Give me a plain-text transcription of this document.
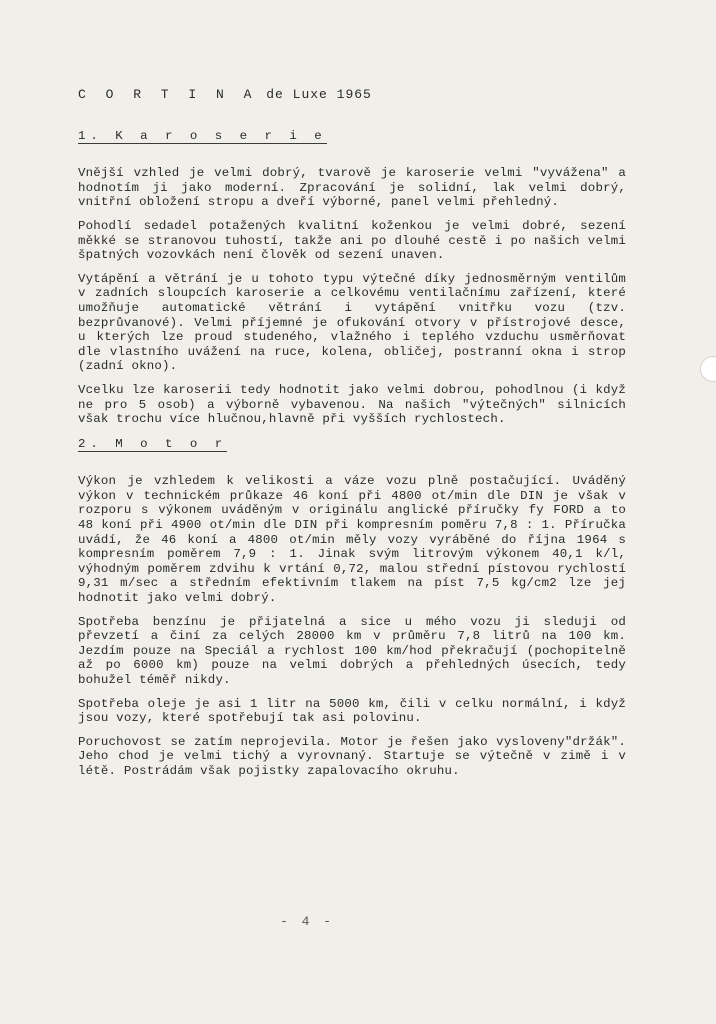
C O R T I N A de Luxe 1965
1. K a r o s e r i e

Vnější vzhled je velmi dobrý, tvarově je karoserie velmi "vyvážena" a hodnotím ji jako moderní. Zpracování je solidní, lak velmi dobrý, vnitřní obložení stropu a dveří výborné, panel velmi přehledný.

Pohodlí sedadel potažených kvalitní koženkou je velmi dobré, sezení měkké se stranovou tuhostí, takže ani po dlouhé cestě i po našich velmi špatných vozovkách není člověk od sezení unaven.

Vytápění a větrání je u tohoto typu výtečné díky jednosměrným ventilům v zadních sloupcích karoserie a celkovému ventilačnímu zařízení, které umožňuje automatické větrání i vytápění vnitřku vozu (tzv. bezprůvanové). Velmi příjemné je ofukování otvory v přístrojové desce, u kterých lze proud studeného, vlažného i teplého vzduchu usměrňovat dle vlastního uvážení na ruce, kolena, obličej, postranní okna i strop (zadní okno).

Vcelku lze karoserii tedy hodnotit jako velmi dobrou, pohodlnou (i když ne pro 5 osob) a výborně vybavenou. Na našich "výtečných" silnicích však trochu více hlučnou,hlavně při vyšších rychlostech.

2. M o t o r

Výkon je vzhledem k velikosti a váze vozu plně postačující. Uváděný výkon v technickém průkaze 46 koní při 4800 ot/min dle DIN je však v rozporu s výkonem uváděným v originálu anglické příručky fy FORD a to 48 koní při 4900 ot/min dle DIN při kompresním poměru 7,8 : 1. Příručka uvádí, že 46 koní a 4800 ot/min měly vozy vyráběné do října 1964 s kompresním poměrem 7,9 : 1. Jinak svým litrovým výkonem 40,1 k/l, výhodným poměrem zdvihu k vrtání 0,72, malou střední pístovou rychlostí 9,31 m/sec a středním efektivním tlakem na píst 7,5 kg/cm2 lze jej hodnotit jako velmi dobrý.

Spotřeba benzínu je přijatelná a sice u mého vozu ji sleduji od převzetí a činí za celých 28000 km v průměru 7,8 litrů na 100 km. Jezdím pouze na Speciál a rychlost 100 km/hod překračují (pochopitelně až po 6000 km) pouze na velmi dobrých a přehledných úsecích, tedy bohužel téměř nikdy.

Spotřeba oleje je asi 1 litr na 5000 km, čili v celku normální, i když jsou vozy, které spotřebují tak asi polovinu.

Poruchovost se zatím neprojevila. Motor je řešen jako vysloveny"držák". Jeho chod je velmi tichý a vyrovnaný. Startuje se výtečně v zimě i v létě. Postrádám však pojistky zapalovacího okruhu.

- 4 -
